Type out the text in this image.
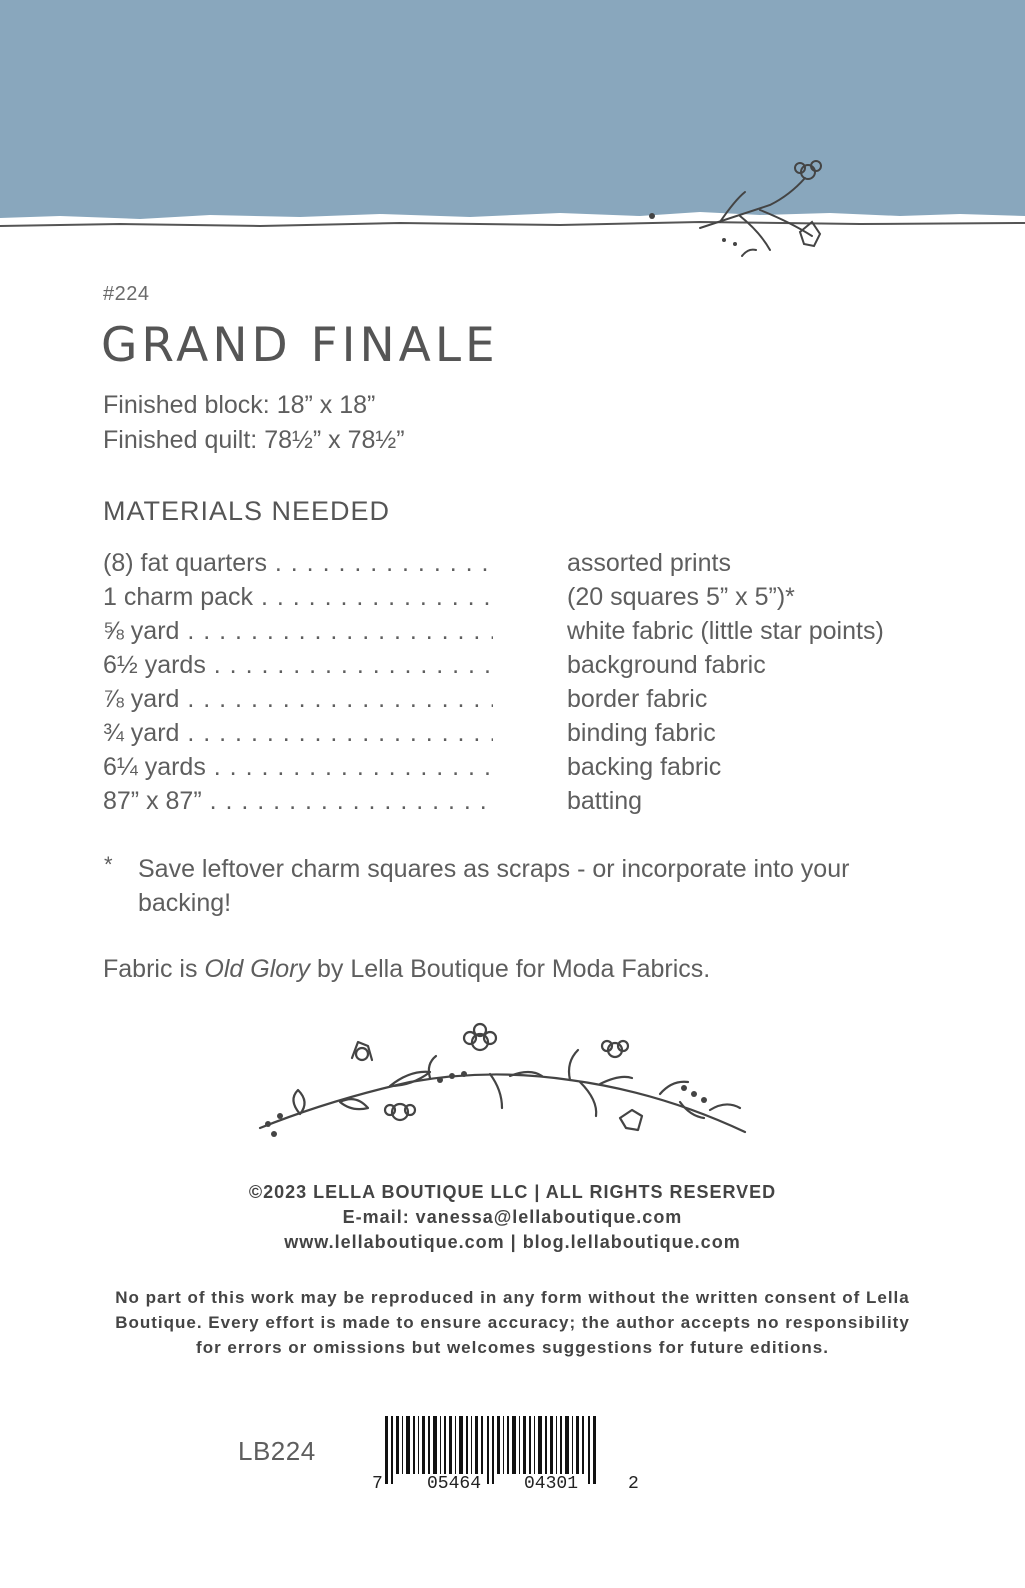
#224
GRAND FINALE
Finished block: 18” x 18”
Finished quilt: 78½” x 78½”
MATERIALS NEEDED
(8) fat quarters . . .	assorted prints
1 charm pack . . .	(20 squares 5” x 5”)*
⅝ yard . . .	white fabric (little star points)
6½ yards . . .	background fabric
⅞ yard . . .	border fabric
¾ yard . . .	binding fabric
6¼ yards . . .	backing fabric
87” x 87” . . .	batting
* Save leftover charm squares as scraps - or incorporate into your backing!
Fabric is Old Glory by Lella Boutique for Moda Fabrics.
©2023 LELLA BOUTIQUE LLC | ALL RIGHTS RESERVED
E-mail: vanessa@lellaboutique.com
www.lellaboutique.com | blog.lellaboutique.com
No part of this work may be reproduced in any form without the written consent of Lella Boutique. Every effort is made to ensure accuracy; the author accepts no responsibility for errors or omissions but welcomes suggestions for future editions.
LB224
7 05464 04301	2
